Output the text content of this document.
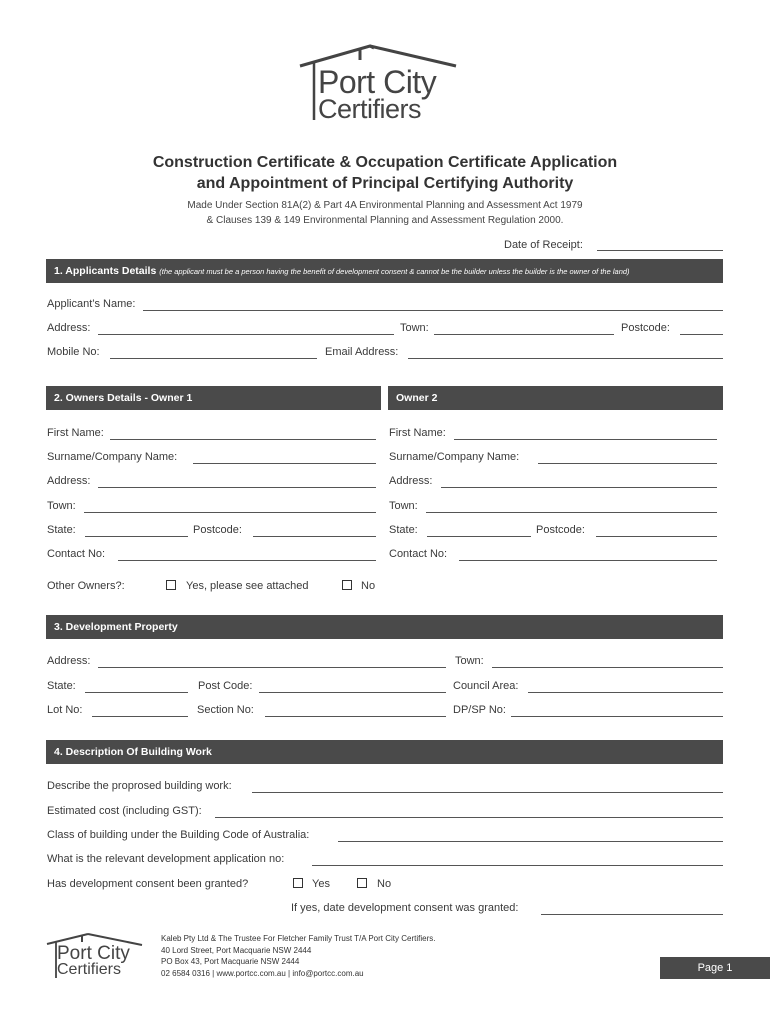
Port City
Certifiers
Construction Certificate & Occupation Certificate Application
and Appointment of Principal Certifying Authority
Made Under Section 81A(2) & Part 4A Environmental Planning and Assessment Act 1979
& Clauses 139 & 149 Environmental Planning and Assessment Regulation 2000.
Date of Receipt:
1. Applicants Details (the applicant must be a person having the benefit of development consent & cannot be the builder unless the builder is the owner of the land)
Applicant’s Name:
Address:	Town:	Postcode:
Mobile No:	Email Address:
2. Owners Details - Owner 1	Owner 2
First Name:
Surname/Company Name:
Address:
Town:
State:	Postcode:
Contact No:
First Name:
Surname/Company Name:
Address:
Town:
State:	Postcode:
Contact No:
Other Owners?:	Yes, please see attached	No
3. Development Property
Address:	Town:
State:	Post Code:	Council Area:
Lot No:	Section No:	DP/SP No:
4. Description Of Building Work
Describe the proprosed building work:
Estimated cost (including GST):
Class of building under the Building Code of Australia:
What is the relevant development application no:
Has development consent been granted?	Yes	No
If yes, date development consent was granted:
Port City
Certifiers
Kaleb Pty Ltd & The Trustee For Fletcher Family Trust T/A Port City Certifiers.
40 Lord Street, Port Macquarie NSW 2444
PO Box 43, Port Macquarie NSW 2444
02 6584 0316 | www.portcc.com.au | info@portcc.com.au	Page 1
